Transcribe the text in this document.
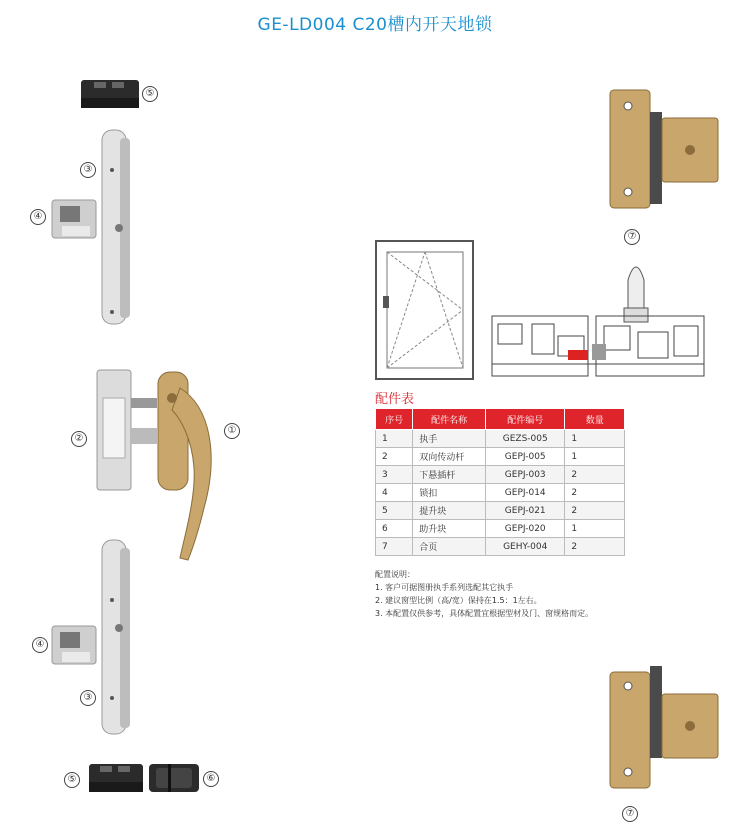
GE-LD004 C20槽内开天地锁
⑤
③
④
②
①
③
④
⑤	⑥
⑦
⑦
配件表
序号	配件名称	配件编号	数量
1	执手	GEZS-005	1
2	双向传动杆	GEPJ-005	1
3	下悬插杆	GEPJ-003	2
4	锁扣	GEPJ-014	2
5	提升块	GEPJ-021	2
6	助升块	GEPJ-020	1
7	合页	GEHY-004	2
配置说明：
1. 客户可据图册执手系列选配其它执手
2. 建议窗型比例（高/宽）保持在1.5：1左右。
3. 本配置仅供参考，具体配置宜根据型材及门、窗规格而定。
